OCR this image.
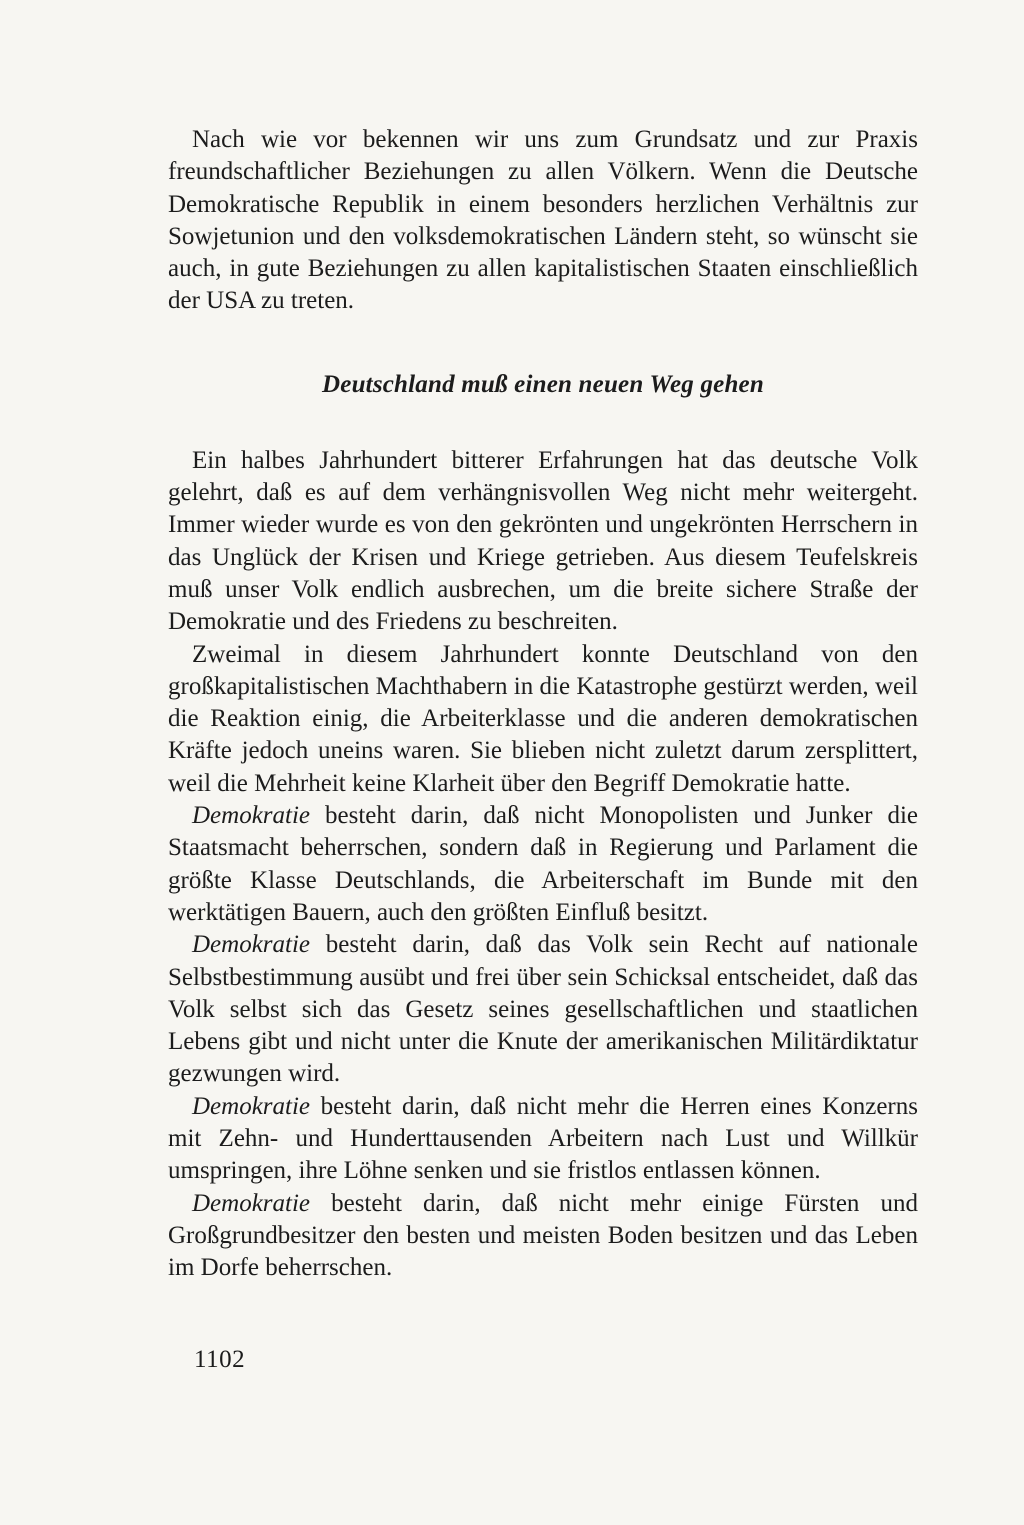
Nach wie vor bekennen wir uns zum Grundsatz und zur Praxis freundschaftlicher Beziehungen zu allen Völkern. Wenn die Deutsche Demokratische Republik in einem besonders herzlichen Verhältnis zur Sowjetunion und den volksdemokratischen Ländern steht, so wünscht sie auch, in gute Beziehungen zu allen kapitalistischen Staaten einschließlich der USA zu treten.

Deutschland muß einen neuen Weg gehen

Ein halbes Jahrhundert bitterer Erfahrungen hat das deutsche Volk gelehrt, daß es auf dem verhängnisvollen Weg nicht mehr weitergeht. Immer wieder wurde es von den gekrönten und ungekrönten Herrschern in das Unglück der Krisen und Kriege getrieben. Aus diesem Teufelskreis muß unser Volk endlich ausbrechen, um die breite sichere Straße der Demokratie und des Friedens zu beschreiten.

Zweimal in diesem Jahrhundert konnte Deutschland von den großkapitalistischen Machthabern in die Katastrophe gestürzt werden, weil die Reaktion einig, die Arbeiterklasse und die anderen demokratischen Kräfte jedoch uneins waren. Sie blieben nicht zuletzt darum zersplittert, weil die Mehrheit keine Klarheit über den Begriff Demokratie hatte.

Demokratie besteht darin, daß nicht Monopolisten und Junker die Staatsmacht beherrschen, sondern daß in Regierung und Parlament die größte Klasse Deutschlands, die Arbeiterschaft im Bunde mit den werktätigen Bauern, auch den größten Einfluß besitzt.

Demokratie besteht darin, daß das Volk sein Recht auf nationale Selbstbestimmung ausübt und frei über sein Schicksal entscheidet, daß das Volk selbst sich das Gesetz seines gesellschaftlichen und staatlichen Lebens gibt und nicht unter die Knute der amerikanischen Militärdiktatur gezwungen wird.

Demokratie besteht darin, daß nicht mehr die Herren eines Konzerns mit Zehn- und Hunderttausenden Arbeitern nach Lust und Willkür umspringen, ihre Löhne senken und sie fristlos entlassen können.

Demokratie besteht darin, daß nicht mehr einige Fürsten und Großgrundbesitzer den besten und meisten Boden besitzen und das Leben im Dorfe beherrschen.

1102
